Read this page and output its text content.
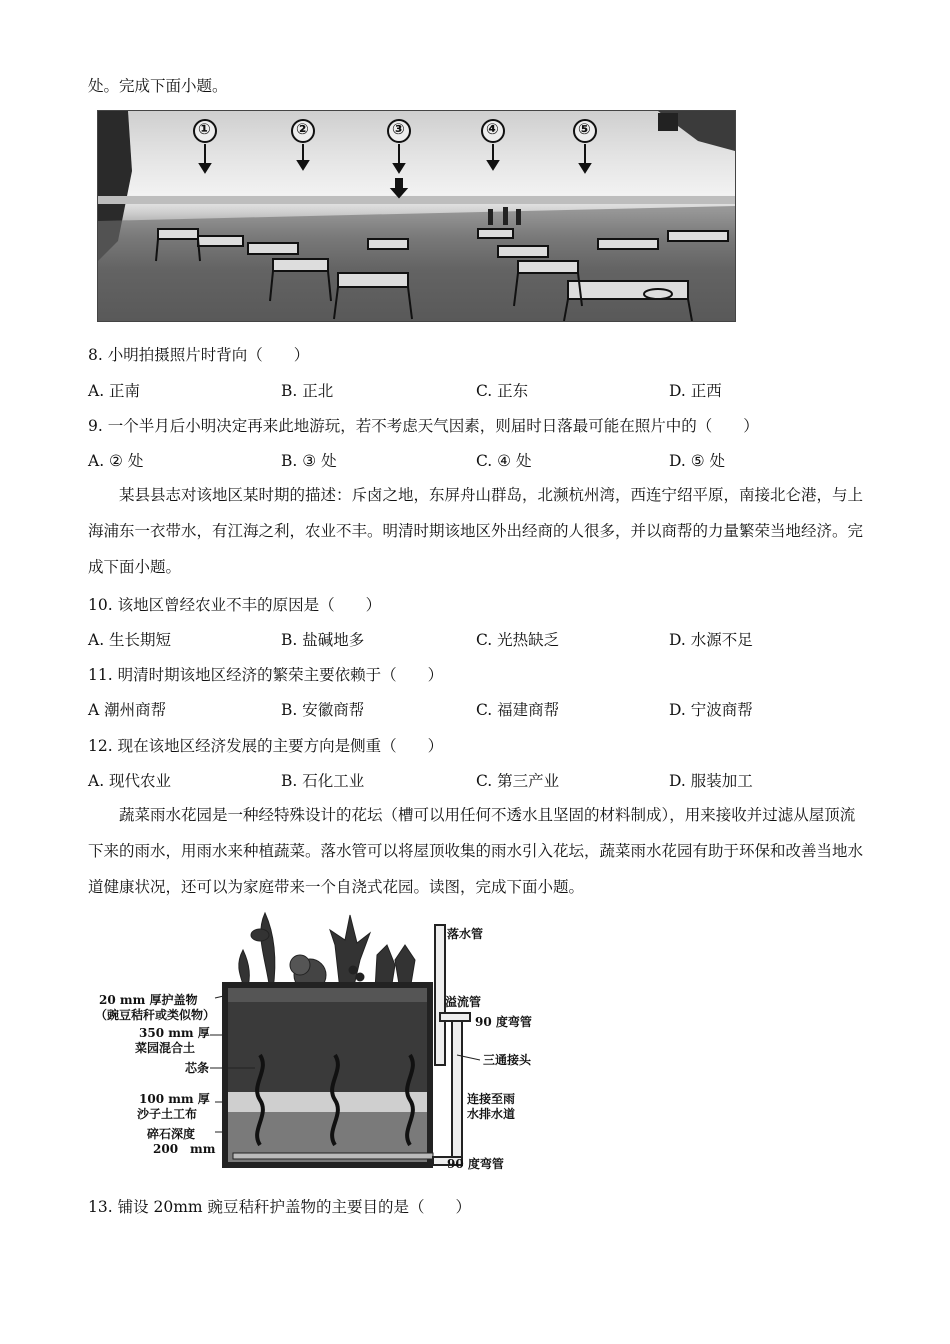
处。完成下面小题。
①	②	③	④	⑤
8. 小明拍摄照片时背向（　　）
A. 正南	B. 正北	C. 正东	D. 正西
9. 一个半月后小明决定再来此地游玩，若不考虑天气因素，则届时日落最可能在照片中的（　　）
A. ② 处	B. ③ 处	C. ④ 处	D. ⑤ 处
某县县志对该地区某时期的描述：斥卤之地，东屏舟山群岛，北濒杭州湾，西连宁绍平原，南接北仑港，与上海浦东一衣带水，有江海之利，农业不丰。明清时期该地区外出经商的人很多，并以商帮的力量繁荣当地经济。完成下面小题。
10. 该地区曾经农业不丰的原因是（　　）
A. 生长期短	B. 盐碱地多	C. 光热缺乏	D. 水源不足
11. 明清时期该地区经济的繁荣主要依赖于（　　）
A 潮州商帮	B. 安徽商帮	C. 福建商帮	D. 宁波商帮
12. 现在该地区经济发展的主要方向是侧重（　　）
A. 现代农业	B. 石化工业	C. 第三产业	D. 服装加工
蔬菜雨水花园是一种经特殊设计的花坛（槽可以用任何不透水且坚固的材料制成），用来接收并过滤从屋顶流下来的雨水，用雨水来种植蔬菜。落水管可以将屋顶收集的雨水引入花坛，蔬菜雨水花园有助于环保和改善当地水道健康状况，还可以为家庭带来一个自浇式花园。读图，完成下面小题。
落水管
20 mm 厚护盖物
（豌豆秸秆或类似物）
350 mm 厚
菜园混合土
芯条
100 mm 厚
沙子土工布
碎石深度
200　mm
溢流管
90 度弯管
三通接头
连接至雨
水排水道
90 度弯管
13. 铺设 20mm 豌豆秸秆护盖物的主要目的是（　　）
